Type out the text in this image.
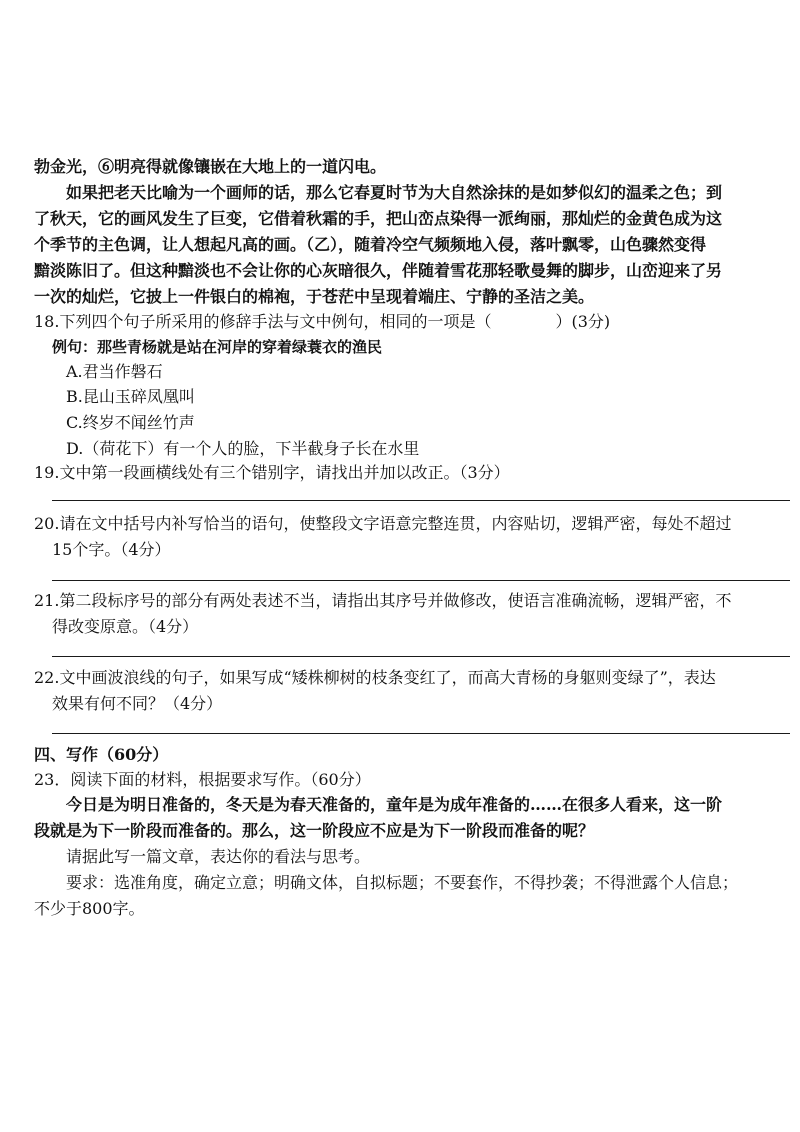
勃金光，⑥明亮得就像镶嵌在大地上的一道闪电。
如果把老天比喻为一个画师的话，那么它春夏时节为大自然涂抹的是如梦似幻的温柔之色；到
了秋天，它的画风发生了巨变，它借着秋霜的手，把山峦点染得一派绚丽，那灿烂的金黄色成为这
个季节的主色调，让人想起凡高的画。（乙），随着冷空气频频地入侵，落叶飘零，山色骤然变得
黯淡陈旧了。但这种黯淡也不会让你的心灰暗很久，伴随着雪花那轻歌曼舞的脚步，山峦迎来了另
一次的灿烂，它披上一件银白的棉袍，于苍茫中呈现着端庄、宁静的圣洁之美。
18.下列四个句子所采用的修辞手法与文中例句，相同的一项是（	）(3分)
例句：那些青杨就是站在河岸的穿着绿蓑衣的渔民
A.君当作磐石
B.昆山玉碎凤凰叫
C.终岁不闻丝竹声
D.（荷花下）有一个人的脸，下半截身子长在水里
19.文中第一段画横线处有三个错别字，请找出并加以改正。（3分）
20.请在文中括号内补写恰当的语句，使整段文字语意完整连贯，内容贴切，逻辑严密，每处不超过
15个字。（4分）
21.第二段标序号的部分有两处表述不当，请指出其序号并做修改，使语言准确流畅，逻辑严密，不
得改变原意。（4分）
22.文中画波浪线的句子，如果写成“矮株柳树的枝条变红了，而高大青杨的身躯则变绿了”，表达
效果有何不同？（4分）
四、写作（60分）
23．阅读下面的材料，根据要求写作。（60分）
今日是为明日准备的，冬天是为春天准备的，童年是为成年准备的……在很多人看来，这一阶
段就是为下一阶段而准备的。那么，这一阶段应不应是为下一阶段而准备的呢？
请据此写一篇文章，表达你的看法与思考。
要求：选准角度，确定立意；明确文体，自拟标题；不要套作，不得抄袭；不得泄露个人信息；
不少于800字。
